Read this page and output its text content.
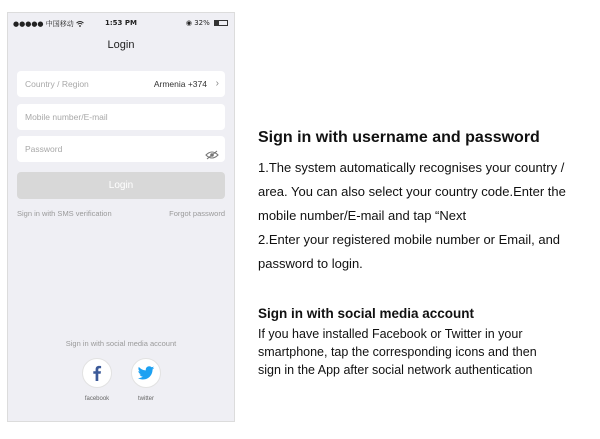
●●●●● 中国移动	1:53 PM	◉ 32%
Login
Country / Region	Armenia +374 ›
Mobile number/E-mail
Password
Login
Sign in with SMS verification	Forgot password
Sign in with social media account
facebook	twitter
Sign in with username and password
1.The system automatically recognises your country /
area. You can also select your country code.Enter the
mobile number/E-mail and tap “Next
2.Enter your registered mobile number or Email, and
password to login.
Sign in with social media account
If you have installed Facebook or Twitter in your
smartphone, tap the corresponding icons and then
sign in the App after social network authentication
